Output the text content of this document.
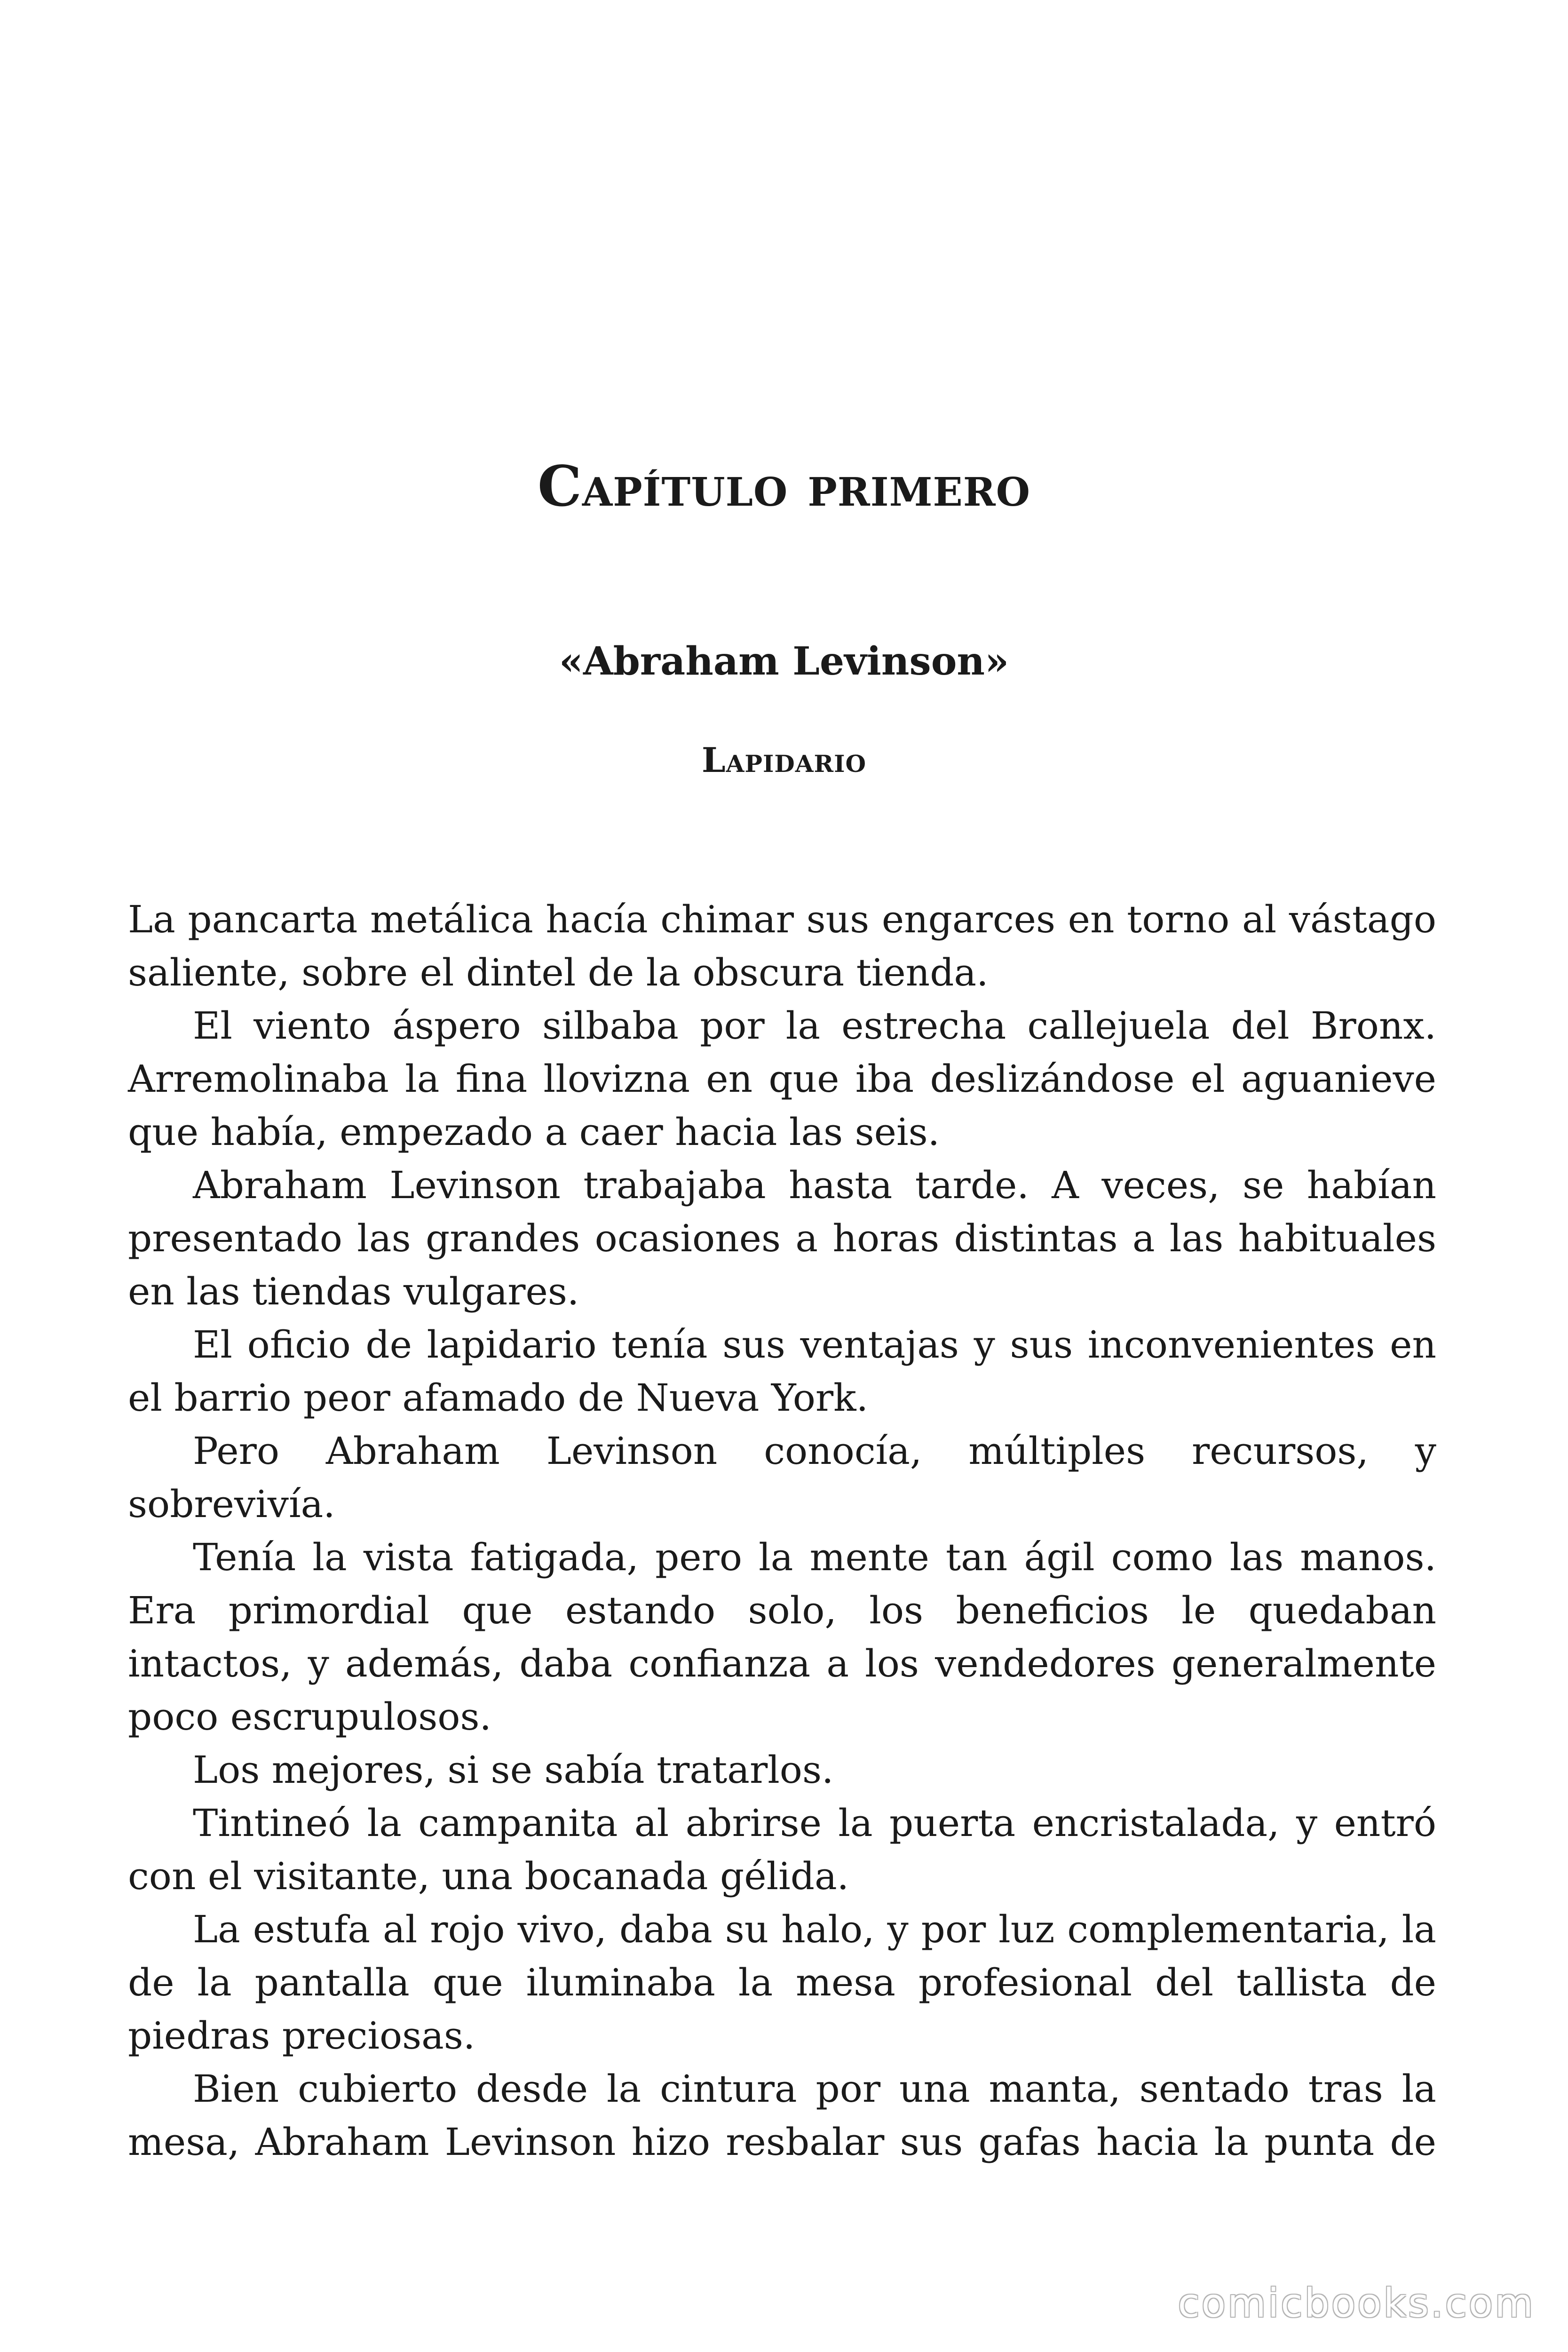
Capítulo primero
«Abraham Levinson»
Lapidario

La pancarta metálica hacía chimar sus engarces en torno al vástago saliente, sobre el dintel de la obscura tienda.

El viento áspero silbaba por la estrecha callejuela del Bronx. Arremolinaba la fina llovizna en que iba deslizándose el aguanieve que había, empezado a caer hacia las seis.

Abraham Levinson trabajaba hasta tarde. A veces, se habían presentado las grandes ocasiones a horas distintas a las habituales en las tiendas vulgares.

El oficio de lapidario tenía sus ventajas y sus inconvenientes en el barrio peor afamado de Nueva York.

Pero Abraham Levinson conocía, múltiples recursos, y sobrevivía.

Tenía la vista fatigada, pero la mente tan ágil como las manos. Era primordial que estando solo, los beneficios le quedaban intactos, y además, daba confianza a los vendedores generalmente poco escrupulosos.

Los mejores, si se sabía tratarlos.

Tintineó la campanita al abrirse la puerta encristalada, y entró con el visitante, una bocanada gélida.

La estufa al rojo vivo, daba su halo, y por luz complementaria, la de la pantalla que iluminaba la mesa profesional del tallista de piedras preciosas.

Bien cubierto desde la cintura por una manta, sentado tras la mesa, Abraham Levinson hizo resbalar sus gafas hacia la punta de

comicbooks.com
